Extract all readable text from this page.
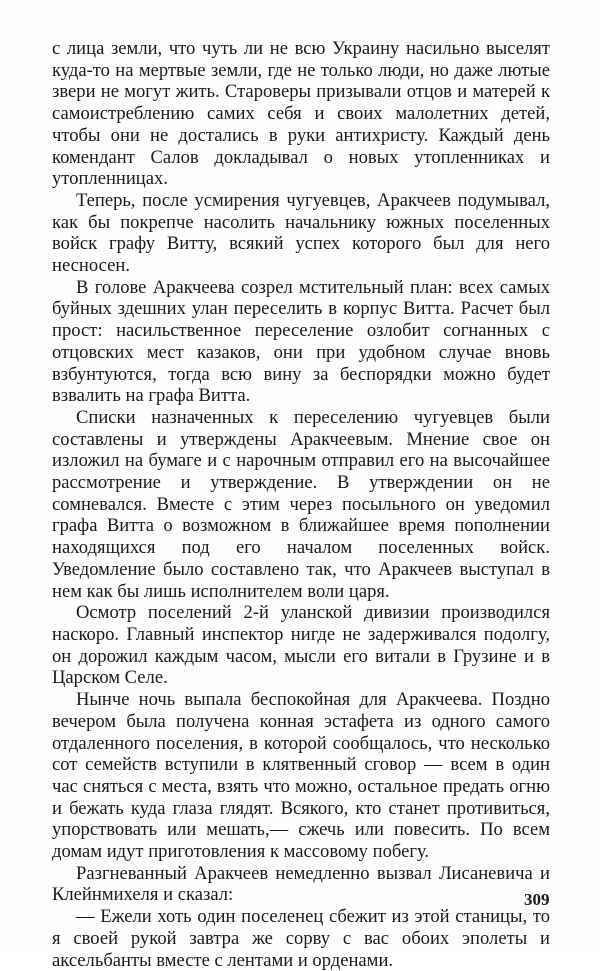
с лица земли, что чуть ли не всю Украину насильно выселят куда-то на мертвые земли, где не только люди, но даже лютые звери не могут жить. Староверы призывали отцов и матерей к самоистреблению самих себя и своих малолетних детей, чтобы они не достались в руки антихристу. Каждый день комендант Салов докладывал о новых утопленниках и утопленницах.

Теперь, после усмирения чугуевцев, Аракчеев подумывал, как бы покрепче насолить начальнику южных поселенных войск графу Витту, всякий успех которого был для него несносен.

В голове Аракчеева созрел мстительный план: всех самых буйных здешних улан переселить в корпус Витта. Расчет был прост: насильственное переселение озлобит согнанных с отцовских мест казаков, они при удобном случае вновь взбунтуются, тогда всю вину за беспорядки можно будет взвалить на графа Витта.

Списки назначенных к переселению чугуевцев были составлены и утверждены Аракчеевым. Мнение свое он изложил на бумаге и с нарочным отправил его на высочайшее рассмотрение и утверждение. В утверждении он не сомневался. Вместе с этим через посыльного он уведомил графа Витта о возможном в ближайшее время пополнении находящихся под его началом поселенных войск. Уведомление было составлено так, что Аракчеев выступал в нем как бы лишь исполнителем воли царя.

Осмотр поселений 2-й уланской дивизии производился наскоро. Главный инспектор нигде не задерживался подолгу, он дорожил каждым часом, мысли его витали в Грузине и в Царском Селе.

Нынче ночь выпала беспокойная для Аракчеева. Поздно вечером была получена конная эстафета из одного самого отдаленного поселения, в которой сообщалось, что несколько сот семейств вступили в клятвенный сговор — всем в один час сняться с места, взять что можно, остальное предать огню и бежать куда глаза глядят. Всякого, кто станет противиться, упорствовать или мешать,— сжечь или повесить. По всем домам идут приготовления к массовому побегу.

Разгневанный Аракчеев немедленно вызвал Лисаневича и Клейнмихеля и сказал:

— Ежели хоть один поселенец сбежит из этой станицы, то я своей рукой завтра же сорву с вас обоих эполеты и аксельбанты вместе с лентами и орденами.

309
